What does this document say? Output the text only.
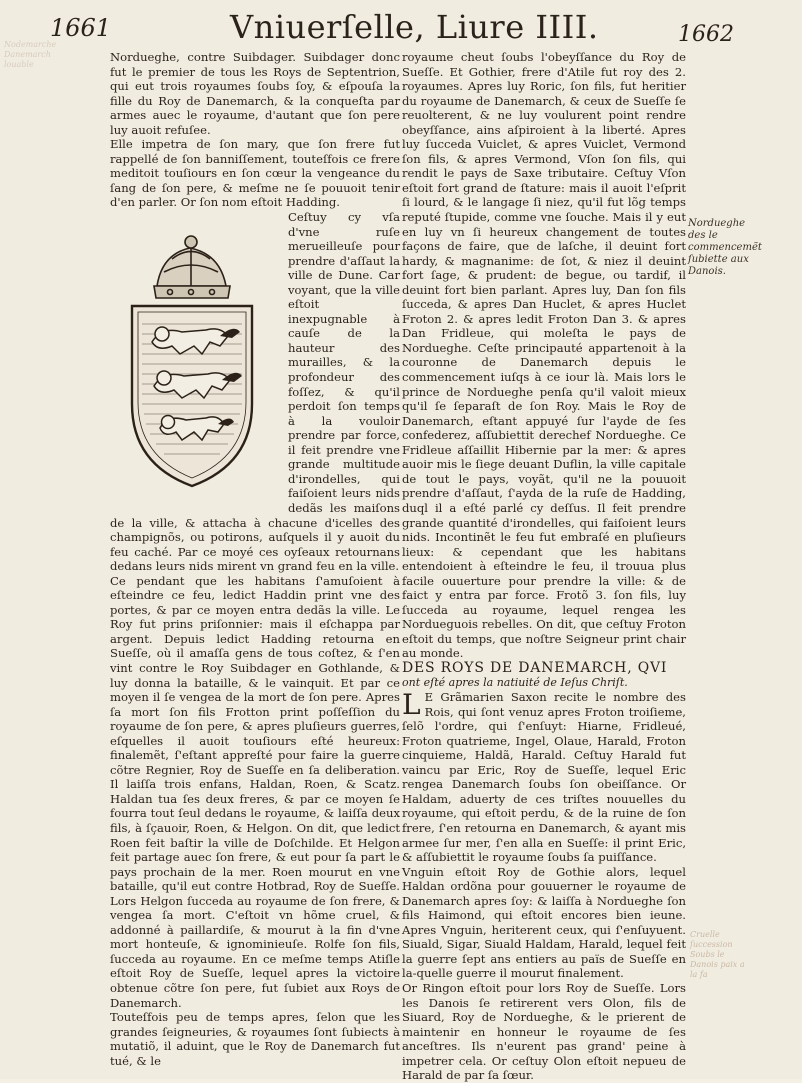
1661	Vniuerſelle, Liure IIII.	1662
Nodemarche Danemarch louable

Nordueghe, contre Suibdager. Suibdager donc fut le premier de tous les Roys de Septentrion, qui eut trois royaumes ſoubs ſoy, & eſpouſa la fille du Roy de Danemarch, & la conqueſta par armes auec le royaume, d'autant que ſon pere luy auoit refuſee.

Elle impetra de ſon mary, que ſon frere fut rappellé de ſon banniſſement, touteſfois ce frere meditoit touſiours en ſon cœur la vengeance du ſang de ſon pere, & meſme ne ſe pouuoit tenir d'en parler. Or ſon nom eſtoit Hadding.

Ceſtuy cy vſa d'vne ruſe merueilleuſe pour prendre d'aſſaut la ville de Dune. Car voyant, que la ville eſtoit inexpugnable à cauſe de la hauteur des murailles, & la profondeur des foſſez, & qu'il perdoit ſon temps à la vouloir prendre par force, il feit prendre vne grande multitude d'irondelles, qui faiſoient leurs nids dedãs les maiſons de la ville, & attacha à chacune d'icelles des champignõs, ou potirons, auſquels il y auoit du feu caché. Par ce moyé ces oyſeaux retournans dedans leurs nids mirent vn grand feu en la ville.

Ce pendant que les habitans ſ'amuſoient à eſteindre ce feu, ledict Haddin print vne des portes, & par ce moyen entra dedãs la ville. Le Roy fut prins priſonnier: mais il eſchappa par argent. Depuis ledict Hadding retourna en Sueſſe, où il amaſſa gens de tous coſtez, & ſ'en vint contre le Roy Suibdager en Gothlande, & luy donna la bataille, & le vainquit. Et par ce moyen il ſe vengea de la mort de ſon pere. Apres ſa mort ſon fils Frotton print poſſeſſion du royaume de ſon pere, & apres pluſieurs guerres, eſquelles il auoit touſiours eſté heureux: finalemẽt, ſ'eſtant appreſté pour faire la guerre cõtre Regnier, Roy de Sueſſe en ſa deliberation. Il laiſſa trois enfans, Haldan, Roen, & Scatz. Haldan tua ſes deux freres, & par ce moyen ſe fourra tout ſeul dedans le royaume, & laiſſa deux fils, à ſçauoir, Roen, & Helgon. On dit, que ledict Roen feit baſtir la ville de Doſchilde. Et Helgon feit partage auec ſon frere, & eut pour ſa part le pays prochain de la mer. Roen mourut en vne bataille, qu'il eut contre Hotbrad, Roy de Sueſſe. Lors Helgon ſucceda au royaume de ſon frere, & vengea ſa mort. C'eſtoit vn hõme cruel, & addonné à paillardiſe, & mourut à la fin d'vne mort honteuſe, & ignominieuſe. Rolfe ſon fils, ſucceda au royaume. En ce meſme temps Atiſle eſtoit Roy de Sueſſe, lequel apres la victoire obtenue cõtre ſon pere, fut ſubiet aux Roys de Danemarch.

Touteſfois peu de temps apres, ſelon que les grandes ſeigneuries, & royaumes ſont ſubiects à mutatiõ, il aduint, que le Roy de Danemarch fut tué, & le

royaume cheut ſoubs l'obeyſſance du Roy de Sueſſe. Et Gothier, frere d'Atile fut roy des 2. royaumes. Apres luy Roric, ſon fils, fut heritier du royaume de Danemarch, & ceux de Sueſſe ſe reuolterent, & ne luy voulurent point rendre obeyſſance, ains aſpiroient à la liberté. Apres luy ſucceda Vuiclet, & apres Vuiclet, Vermond ſon fils, & apres Vermond, Vſon ſon fils, qui rendit le pays de Saxe tributaire. Ceſtuy Vſon eſtoit fort grand de ſtature: mais il auoit l'eſprit ſi lourd, & le langage ſi niez, qu'il fut lõg temps reputé ſtupide, comme vne ſouche. Mais il y eut en luy vn ſi heureux changement de toutes façons de faire, que de laſche, il deuint fort hardy, & magnanime: de ſot, & niez il deuint fort ſage, & prudent: de begue, ou tardif, il deuint fort bien parlant. Apres luy, Dan ſon fils ſucceda, & apres Dan Huclet, & apres Huclet Froton 2. & apres ledit Froton Dan 3. & apres Dan Fridleue, qui moleſta le pays de Nordueghe. Ceſte principauté appartenoit à la couronne de Danemarch depuis le commencement iuſqs à ce iour là. Mais lors le prince de Nordueghe penſa qu'il valoit mieux qu'il ſe ſeparaſt de ſon Roy. Mais le Roy de Danemarch, eſtant appuyé ſur l'ayde de ſes confederez, aſſubiettit derechef Nordueghe. Ce Fridleue aſſaillit Hibernie par la mer: & apres auoir mis le ſiege deuant Duflin, la ville capitale de tout le pays, voyãt, qu'il ne la pouuoit prendre d'aſſaut, ſ'ayda de la ruſe de Hadding, duql il a eſté parlé cy deſſus. Il feit prendre grande quantité d'irondelles, qui faiſoient leurs nids. Incontinẽt le feu fut embraſé en pluſieurs lieux: & cependant que les habitans entendoient à eſteindre le feu, il trouua plus facile ouuerture pour prendre la ville: & de faict y entra par force. Frotõ 3. ſon fils, luy ſucceda au royaume, lequel rengea les Nordueguois rebelles. On dit, que ceſtuy Froton eſtoit du temps, que noſtre Seigneur print chair au monde.

DES ROYS DE DANEMARCH, QVI

ont eſté apres la natiuité de Ieſus Chriſt.

L E Grãmarien Saxon recite le nombre des Rois, qui ſont venuz apres Froton troiſieme, ſelõ l'ordre, qui ſ'enſuyt: Hiarne, Fridleué, Froton quatrieme, Ingel, Olaue, Harald, Froton cinquieme, Haldã, Harald. Ceſtuy Harald fut vaincu par Eric, Roy de Sueſſe, lequel Eric rengea Danemarch ſoubs ſon obeiſſance. Or Haldam, aduerty de ces triſtes nouuelles du royaume, qui eſtoit perdu, & de la ruine de ſon frere, ſ'en retourna en Danemarch, & ayant mis armee ſur mer, ſ'en alla en Sueſſe: il print Eric, & aſſubiettit le royaume ſoubs ſa puiſſance.

Vnguin eſtoit Roy de Gothie alors, lequel Haldan ordõna pour gouuerner le royaume de Danemarch apres ſoy: & laiſſa à Nordueghe ſon fils Haimond, qui eſtoit encores bien ieune. Apres Vnguin, heriterent ceux, qui ſ'enſuyuent. Siuald, Sigar, Siuald Haldam, Harald, lequel feit la guerre ſept ans entiers au païs de Sueſſe en la-quelle guerre il mourut finalement.

Or Ringon eſtoit pour lors Roy de Sueſſe. Lors les Danois ſe retirerent vers Olon, fils de Siuard, Roy de Nordueghe, & le prierent de maintenir en honneur le royaume de ſes anceſtres. Ils n'eurent pas grand' peine à impetrer cela. Or ceſtuy Olon eſtoit nepueu de Harald de par ſa ſœur.

Nordueghe des le commencemẽt ſubiette aux Danois.
Cruelle ſuccession Soubs le Danois paix a la fa
